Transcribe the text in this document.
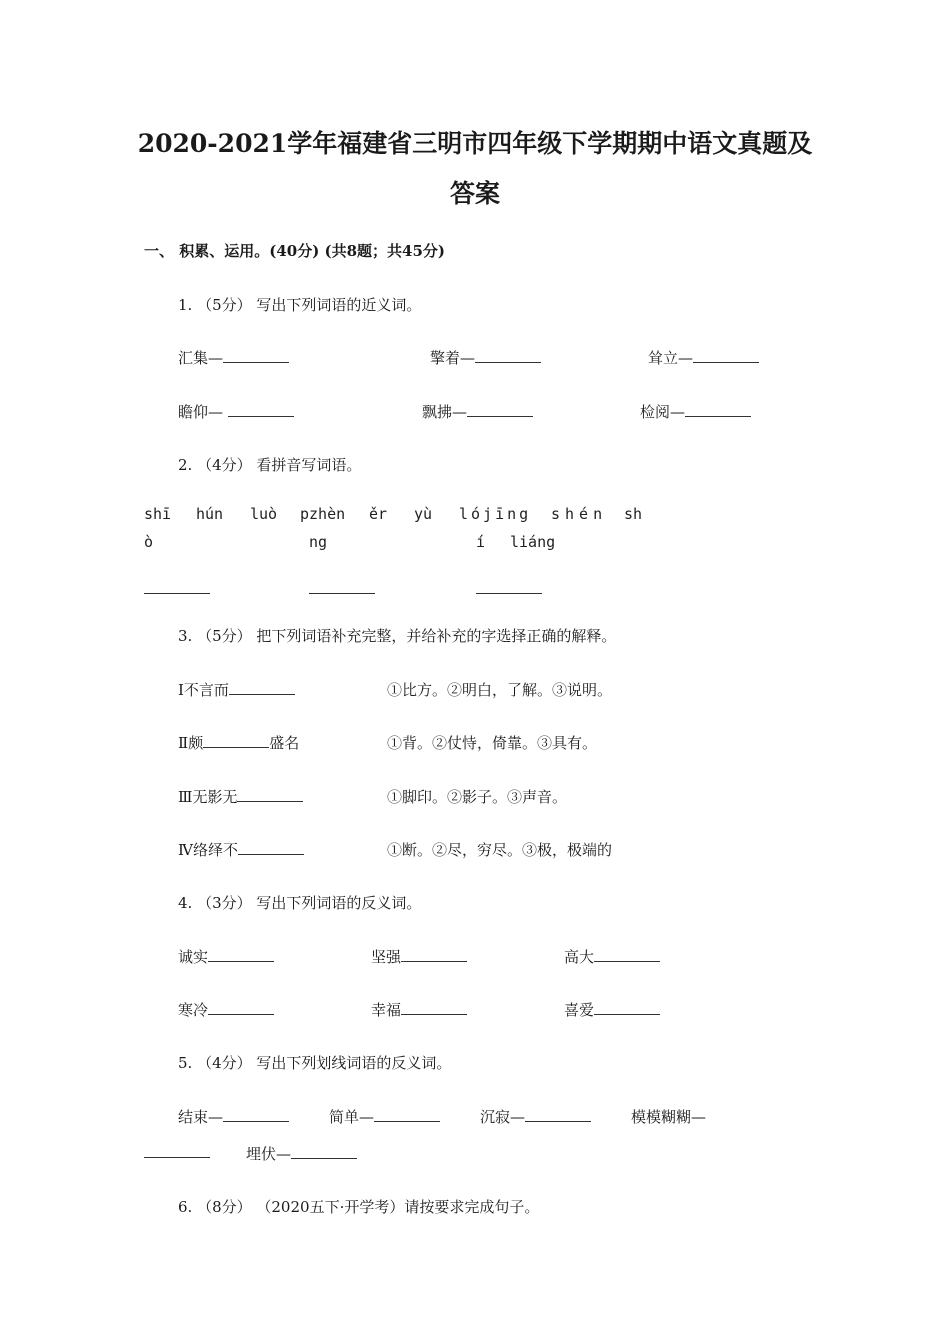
2020-2021学年福建省三明市四年级下学期期中语文真题及
答案
一、 积累、运用。(40分) (共8题；共45分)
1. （5分） 写出下列词语的近义词。
汇集—	擎着—	耸立—
瞻仰—	飘拂—	检阅—
2. （4分） 看拼音写词语。
shī hún luò pzhèn ěr yù lójīng shén sh
ò	ng	í liáng
3. （5分） 把下列词语补充完整，并给补充的字选择正确的解释。
Ⅰ不言而	①比方。②明白，了解。③说明。
Ⅱ颇	盛名	①背。②仗恃，倚靠。③具有。
Ⅲ无影无	①脚印。②影子。③声音。
Ⅳ络绎不	①断。②尽，穷尽。③极，极端的
4. （3分） 写出下列词语的反义词。
诚实	坚强	高大
寒冷	幸福	喜爱
5. （4分） 写出下列划线词语的反义词。
结束—	简单—	沉寂—	模模糊糊—
埋伏—
6. （8分） （2020五下·开学考）请按要求完成句子。
